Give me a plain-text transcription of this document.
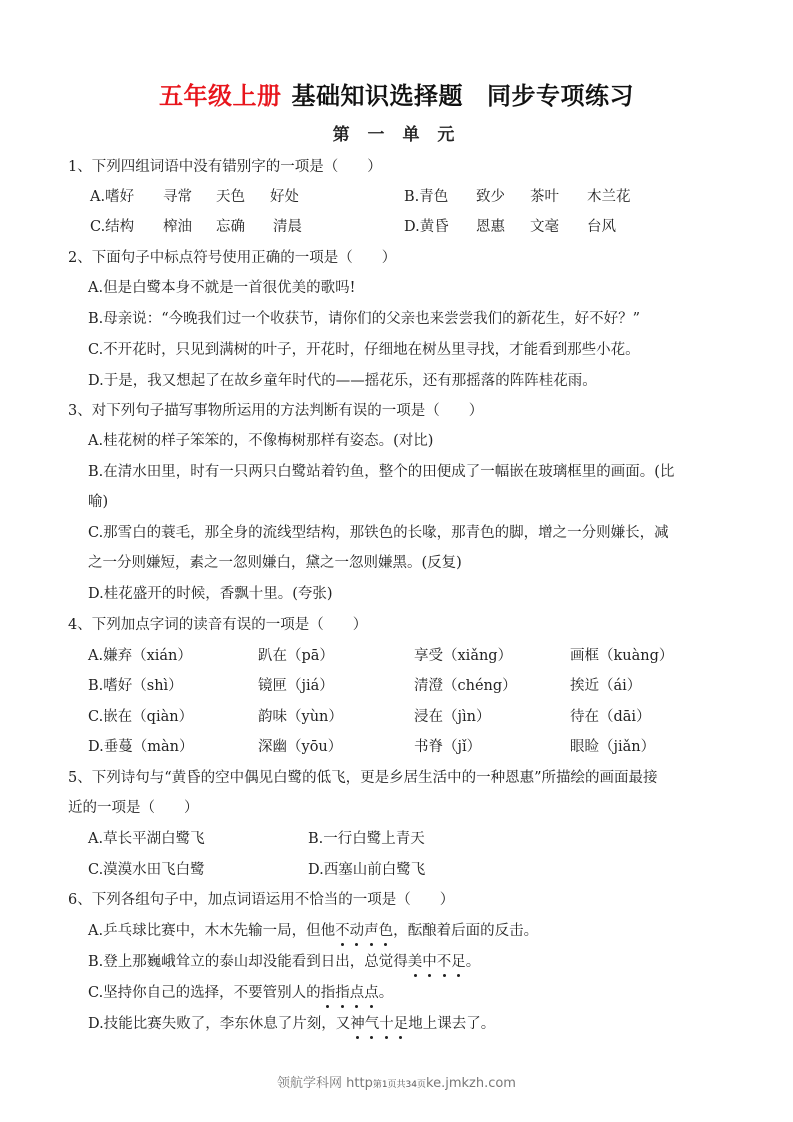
五年级上册 基础知识选择题 同步专项练习
第 一 单 元
1、下列四组词语中没有错别字的一项是（　　）
A.嗜好 寻常 天色 好处	B.青色 致少 茶叶 木兰花
C.结构 榨油 忘确 清晨	D.黄昏 恩惠 文毫 台风
2、下面句子中标点符号使用正确的一项是（　　）
A.但是白鹭本身不就是一首很优美的歌吗!
B.母亲说：“今晚我们过一个收获节，请你们的父亲也来尝尝我们的新花生，好不好？”
C.不开花时，只见到满树的叶子，开花时，仔细地在树丛里寻找，才能看到那些小花。
D.于是，我又想起了在故乡童年时代的——摇花乐，还有那摇落的阵阵桂花雨。
3、对下列句子描写事物所运用的方法判断有误的一项是（　　）
A.桂花树的样子笨笨的，不像梅树那样有姿态。(对比)
B.在清水田里，时有一只两只白鹭站着钓鱼，整个的田便成了一幅嵌在玻璃框里的画面。(比
喻)
C.那雪白的蓑毛，那全身的流线型结构，那铁色的长喙，那青色的脚，增之一分则嫌长，减
之一分则嫌短，素之一忽则嫌白，黛之一忽则嫌黑。(反复)
D.桂花盛开的时候，香飘十里。(夸张)
4、下列加点字词的读音有误的一项是（　　）
A.嫌弃（xián）	趴在（pā）	享受（xiǎng）	画框（kuàng）
B.嗜好（shì）	镜匣（jiá）	清澄（chéng）	挨近（ái）
C.嵌在（qiàn）	韵味（yùn）	浸在（jìn）	待在（dāi）
D.垂蔓（màn）	深幽（yōu）	书脊（jǐ）	眼睑（jiǎn）
5、下列诗句与“黄昏的空中偶见白鹭的低飞，更是乡居生活中的一种恩惠”所描绘的画面最接
近的一项是（　　）
A.草长平湖白鹭飞	B.一行白鹭上青天
C.漠漠水田飞白鹭	D.西塞山前白鹭飞
6、下列各组句子中，加点词语运用不恰当的一项是（　　）
A.乒乓球比赛中，木木先输一局，但他不动声色，酝酿着后面的反击。
B.登上那巍峨耸立的泰山却没能看到日出，总觉得美中不足。
C.坚持你自己的选择，不要管别人的指指点点。
D.技能比赛失败了，李东休息了片刻，又神气十足地上课去了。
领航学科网 http第1页共34页ke.jmkzh.com
